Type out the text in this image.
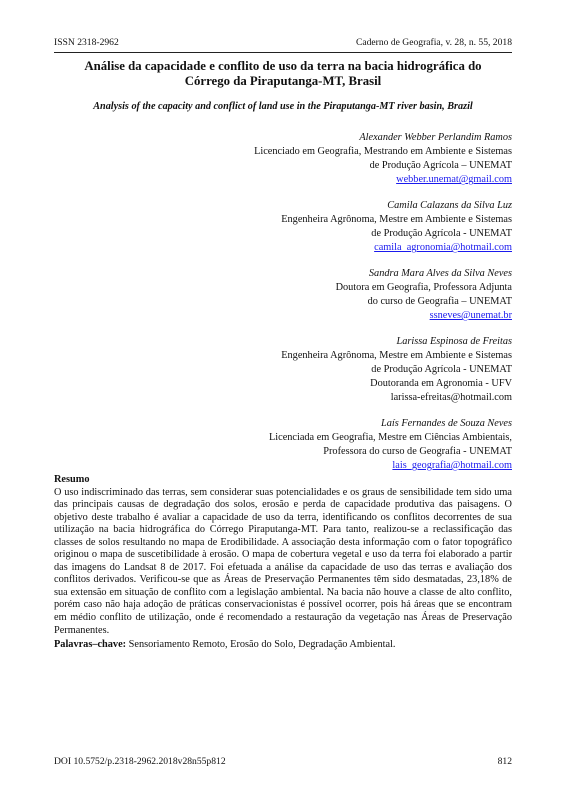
ISSN 2318-2962	Caderno de Geografia, v. 28, n. 55, 2018
Análise da capacidade e conflito de uso da terra na bacia hidrográfica do
Córrego da Piraputanga-MT, Brasil
Analysis of the capacity and conflict of land use in the Piraputanga-MT river basin, Brazil
Alexander Webber Perlandim Ramos
Licenciado em Geografia, Mestrando em Ambiente e Sistemas
de Produção Agrícola – UNEMAT
webber.unemat@gmail.com
Camila Calazans da Silva Luz
Engenheira Agrônoma, Mestre em Ambiente e Sistemas
de Produção Agrícola - UNEMAT
camila_agronomia@hotmail.com
Sandra Mara Alves da Silva Neves
Doutora em Geografia, Professora Adjunta
do curso de Geografia – UNEMAT
ssneves@unemat.br
Larissa Espinosa de Freitas
Engenheira Agrônoma, Mestre em Ambiente e Sistemas
de Produção Agrícola - UNEMAT
Doutoranda em Agronomia - UFV
larissa-efreitas@hotmail.com
Laís Fernandes de Souza Neves
Licenciada em Geografia, Mestre em Ciências Ambientais,
Professora do curso de Geografia - UNEMAT
lais_geografia@hotmail.com
Resumo

O uso indiscriminado das terras, sem considerar suas potencialidades e os graus de sensibilidade tem sido uma das principais causas de degradação dos solos, erosão e perda de capacidade produtiva das paisagens. O objetivo deste trabalho é avaliar a capacidade de uso da terra, identificando os conflitos decorrentes de sua utilização na bacia hidrográfica do Córrego Piraputanga-MT. Para tanto, realizou-se a reclassificação das classes de solos resultando no mapa de Erodibilidade. A associação desta informação com o fator topográfico originou o mapa de suscetibilidade à erosão. O mapa de cobertura vegetal e uso da terra foi elaborado a partir das imagens do Landsat 8 de 2017. Foi efetuada a análise da capacidade de uso das terras e avaliação dos conflitos derivados. Verificou-se que as Áreas de Preservação Permanentes têm sido desmatadas, 23,18% de sua extensão em situação de conflito com a legislação ambiental. Na bacia não houve a classe de alto conflito, porém caso não haja adoção de práticas conservacionistas é possível ocorrer, pois há áreas que se encontram em médio conflito de utilização, onde é recomendado a restauração da vegetação nas Áreas de Preservação Permanentes.

Palavras–chave: Sensoriamento Remoto, Erosão do Solo, Degradação Ambiental.
DOI 10.5752/p.2318-2962.2018v28n55p812	812
